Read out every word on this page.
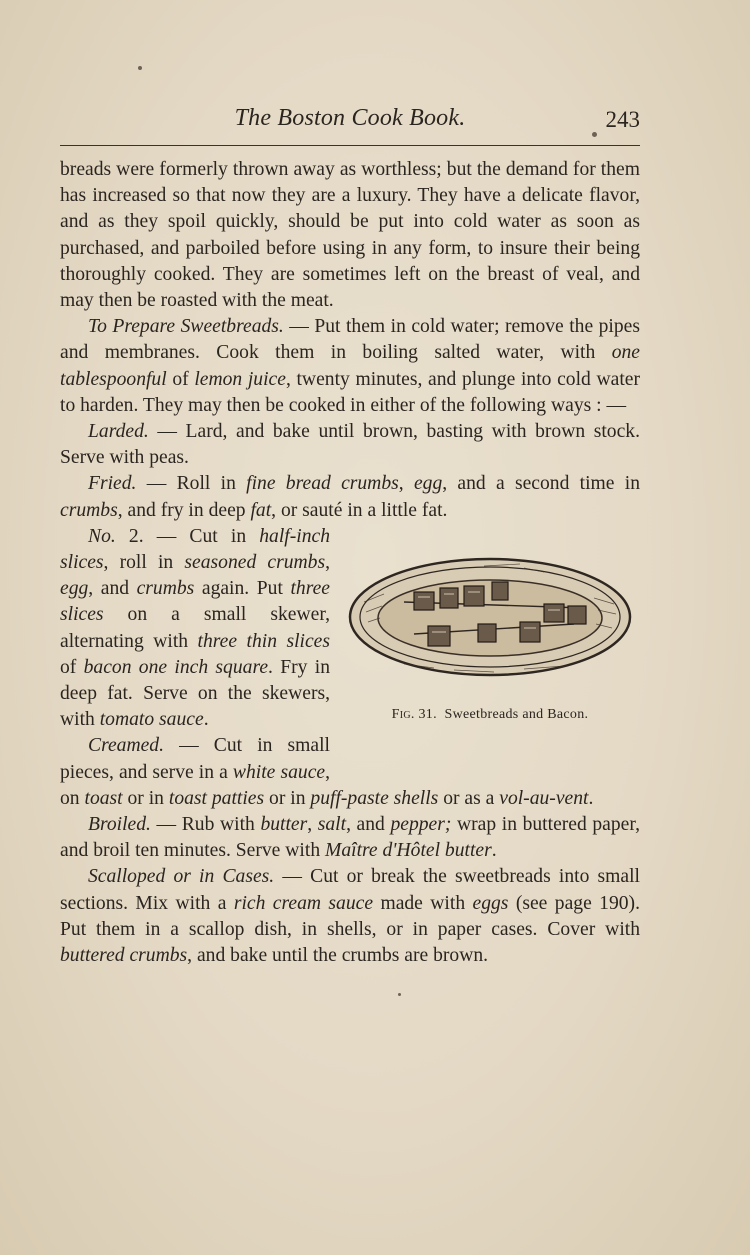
The Boston Cook Book.	243

breads were formerly thrown away as worthless; but the demand for them has increased so that now they are a luxury. They have a delicate flavor, and as they spoil quickly, should be put into cold water as soon as purchased, and parboiled before using in any form, to insure their being thoroughly cooked. They are sometimes left on the breast of veal, and may then be roasted with the meat.

To Prepare Sweetbreads. — Put them in cold water; remove the pipes and membranes. Cook them in boiling salted water, with one tablespoonful of lemon juice, twenty minutes, and plunge into cold water to harden. They may then be cooked in either of the following ways : —

Larded. — Lard, and bake until brown, basting with brown stock. Serve with peas.

Fried. — Roll in fine bread crumbs, egg, and a second time in crumbs, and fry in deep fat, or sauté in a little fat.

Fig. 31. Sweetbreads and Bacon.

No. 2. — Cut in half-inch slices, roll in seasoned crumbs, egg, and crumbs again. Put three slices on a small skewer, alternating with three thin slices of bacon one inch square. Fry in deep fat. Serve on the skewers, with tomato sauce.

Creamed. — Cut in small pieces, and serve in a white sauce, on toast or in toast patties or in puff-paste shells or as a vol-au-vent.

Broiled. — Rub with butter, salt, and pepper; wrap in buttered paper, and broil ten minutes. Serve with Maître d'Hôtel butter.

Scalloped or in Cases. — Cut or break the sweetbreads into small sections. Mix with a rich cream sauce made with eggs (see page 190). Put them in a scallop dish, in shells, or in paper cases. Cover with buttered crumbs, and bake until the crumbs are brown.
